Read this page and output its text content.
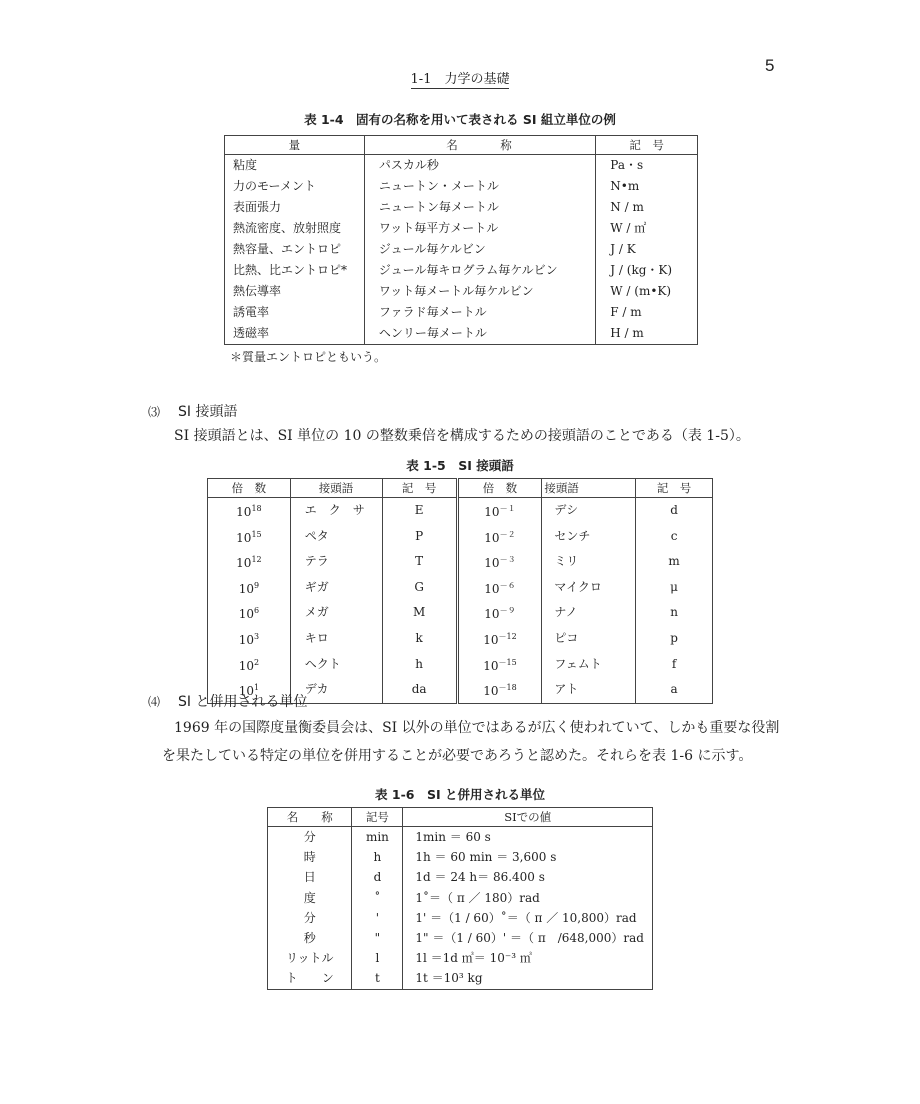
5
1-1　力学の基礎
表 1-4　固有の名称を用いて表される SI 組立単位の例
量	名　　　称	記　号
粘度	パスカル秒	Pa・s
力のモーメント	ニュートン・メートル	N•m
表面張力	ニュートン毎メートル	N / m
熱流密度、放射照度	ワット毎平方メートル	W / ㎡
熱容量、エントロピ	ジュール毎ケルビン	J / K
比熱、比エントロピ*	ジュール毎キログラム毎ケルビン	J / (kg・K)
熱伝導率	ワット毎メートル毎ケルビン	W / (m•K)
誘電率	ファラド毎メートル	F / m
透磁率	ヘンリー毎メートル	H / m
＊質量エントロピともいう。
⑶ SI 接頭語
SI 接頭語とは、SI 単位の 10 の整数乗倍を構成するための接頭語のことである（表 1-5）。
表 1-5　SI 接頭語
倍　数	接頭語	記　号	倍　数	接頭語	記　号
$10^{18}$	エ　ク　サ	E	$10^{-1}$	デシ	d
$10^{15}$	ペタ	P	$10^{-2}$	センチ	c
$10^{12}$	テラ	T	$10^{-3}$	ミリ	m
$10^9$	ギガ	G	$10^{-6}$	マイクロ	μ
$10^6$	メガ	M	$10^{-9}$	ナノ	n
$10^3$	キロ	k	$10^{-12}$	ピコ	p
$10^2$	ヘクト	h	$10^{-15}$	フェムト	f
$10^1$	デカ	da	$10^{-18}$	アト	a
⑷ SI と併用される単位
1969 年の国際度量衡委員会は、SI 以外の単位ではあるが広く使われていて、しかも重要な役割
を果たしている特定の単位を併用することが必要であろうと認めた。それらを表 1-6 に示す。
表 1-6　SI と併用される単位
名　　称	記号	SIでの値
分	min	1min ＝ 60 s
時	h	1h ＝ 60 min ＝ 3,600 s
日	d	1d ＝ 24 h＝ 86.400 s
度	˚	1˚＝（ π ／ 180）rad
分	'	1' ＝（1 / 60）˚＝（ π ／ 10,800）rad
秒	"	1" ＝（1 / 60）' ＝（ π　/648,000）rad
リットル	l	1l ＝1d ㎥＝ 10⁻³ ㎥
ト　　ン	t	1t ＝10³ kg
